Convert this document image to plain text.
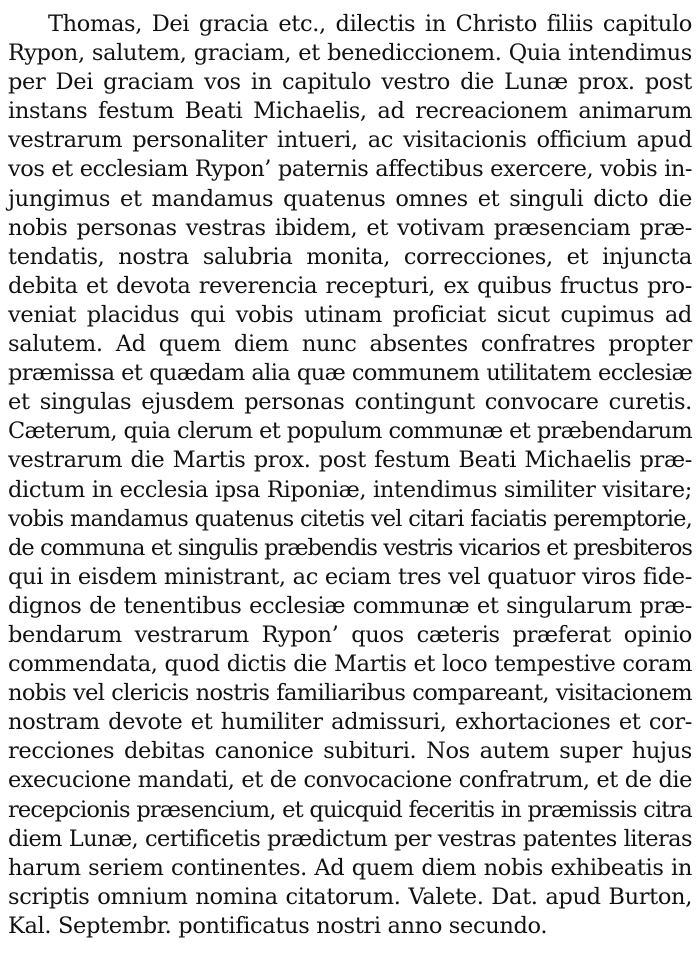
Thomas, Dei gracia etc., dilectis in Christo filiis capitulo
Rypon, salutem, graciam, et benediccionem. Quia intendimus
per Dei graciam vos in capitulo vestro die Lunæ prox. post
instans festum Beati Michaelis, ad recreacionem animarum
vestrarum personaliter intueri, ac visitacionis officium apud
vos et ecclesiam Rypon’ paternis affectibus exercere, vobis in-
jungimus et mandamus quatenus omnes et singuli dicto die
nobis personas vestras ibidem, et votivam præsenciam præ-
tendatis, nostra salubria monita, correcciones, et injuncta
debita et devota reverencia recepturi, ex quibus fructus pro-
veniat placidus qui vobis utinam proficiat sicut cupimus ad
salutem. Ad quem diem nunc absentes confratres propter
præmissa et quædam alia quæ communem utilitatem ecclesiæ
et singulas ejusdem personas contingunt convocare curetis.
Cæterum, quia clerum et populum communæ et præbendarum
vestrarum die Martis prox. post festum Beati Michaelis præ-
dictum in ecclesia ipsa Riponiæ, intendimus similiter visitare;
vobis mandamus quatenus citetis vel citari faciatis peremptorie,
de communa et singulis præbendis vestris vicarios et presbiteros
qui in eisdem ministrant, ac eciam tres vel quatuor viros fide-
dignos de tenentibus ecclesiæ communæ et singularum præ-
bendarum vestrarum Rypon’ quos cæteris præferat opinio
commendata, quod dictis die Martis et loco tempestive coram
nobis vel clericis nostris familiaribus compareant, visitacionem
nostram devote et humiliter admissuri, exhortaciones et cor-
recciones debitas canonice subituri. Nos autem super hujus
execucione mandati, et de convocacione confratrum, et de die
recepcionis præsencium, et quicquid feceritis in præmissis citra
diem Lunæ, certificetis prædictum per vestras patentes literas
harum seriem continentes. Ad quem diem nobis exhibeatis in
scriptis omnium nomina citatorum. Valete. Dat. apud Burton,
Kal. Septembr. pontificatus nostri anno secundo.
